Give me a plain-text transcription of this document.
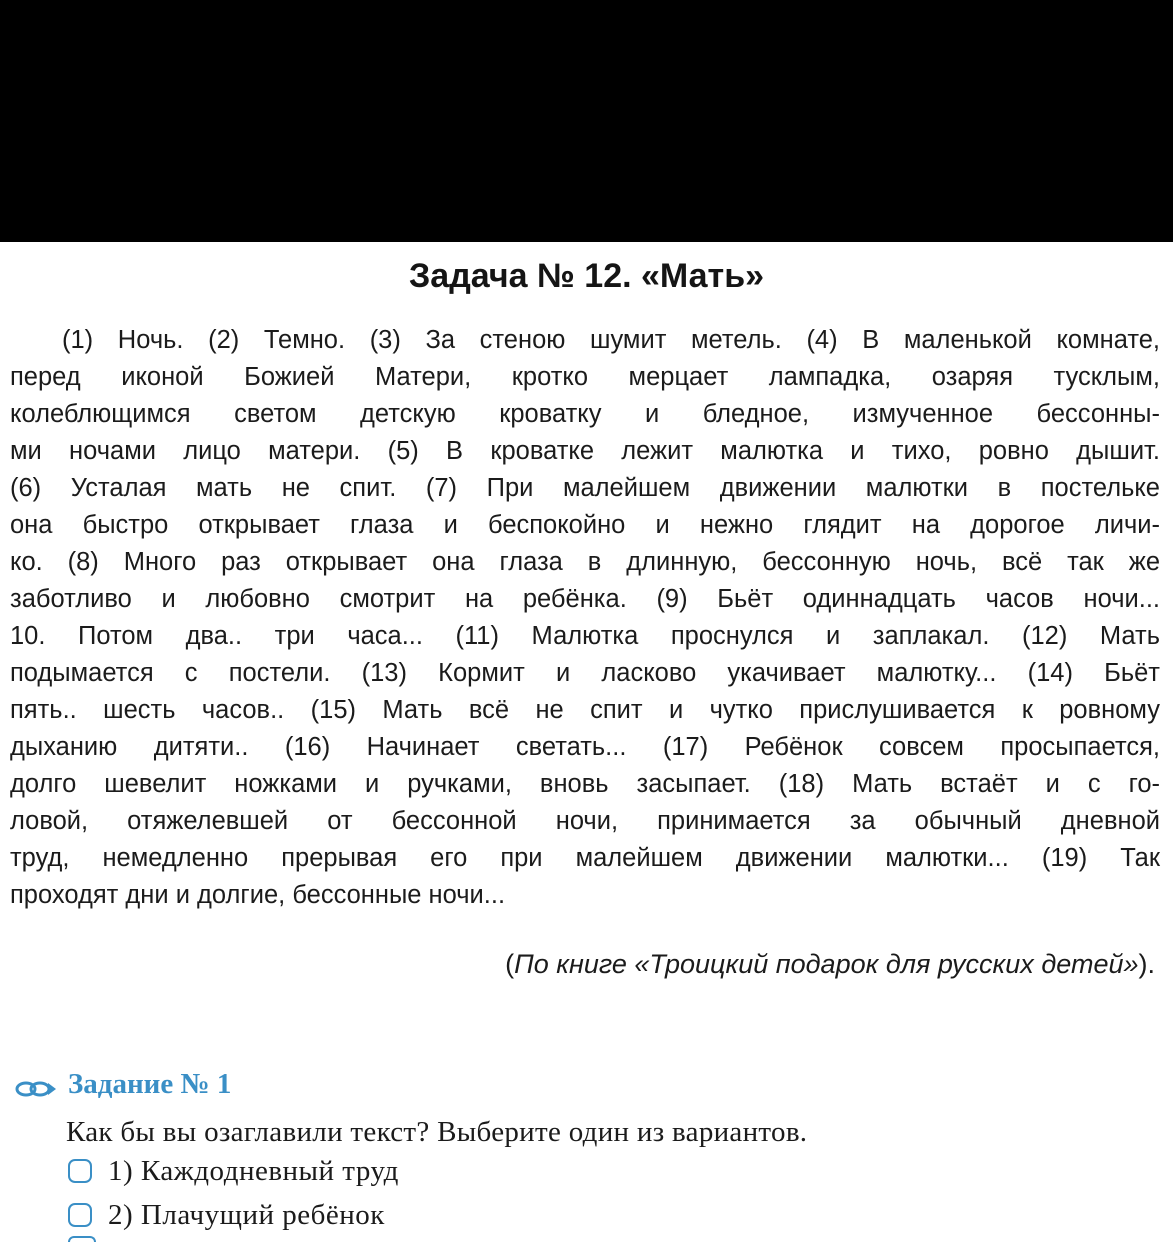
Задача № 12. «Мать»
(1) Ночь. (2) Темно. (3) За стеною шумит метель. (4) В маленькой комнате,
перед иконой Божией Матери, кротко мерцает лампадка, озаряя тусклым,
колеблющимся светом детскую кроватку и бледное, измученное бессонны-
ми ночами лицо матери. (5) В кроватке лежит малютка и тихо, ровно дышит.
(6) Усталая мать не спит. (7) При малейшем движении малютки в постельке
она быстро открывает глаза и беспокойно и нежно глядит на дорогое личи-
ко. (8) Много раз открывает она глаза в длинную, бессонную ночь, всё так же
заботливо и любовно смотрит на ребёнка. (9) Бьёт одиннадцать часов ночи...
10. Потом два.. три часа... (11) Малютка проснулся и заплакал. (12) Мать
подымается с постели. (13) Кормит и ласково укачивает малютку... (14) Бьёт
пять.. шесть часов.. (15) Мать всё не спит и чутко прислушивается к ровному
дыханию дитяти.. (16) Начинает светать... (17) Ребёнок совсем просыпается,
долго шевелит ножками и ручками, вновь засыпает. (18) Мать встаёт и с го-
ловой, отяжелевшей от бессонной ночи, принимается за обычный дневной
труд, немедленно прерывая его при малейшем движении малютки... (19) Так
проходят дни и долгие, бессонные ночи...
(По книге «Троицкий подарок для русских детей»).
Задание № 1
Как бы вы озаглавили текст? Выберите один из вариантов.
1) Каждодневный труд
2) Плачущий ребёнок
